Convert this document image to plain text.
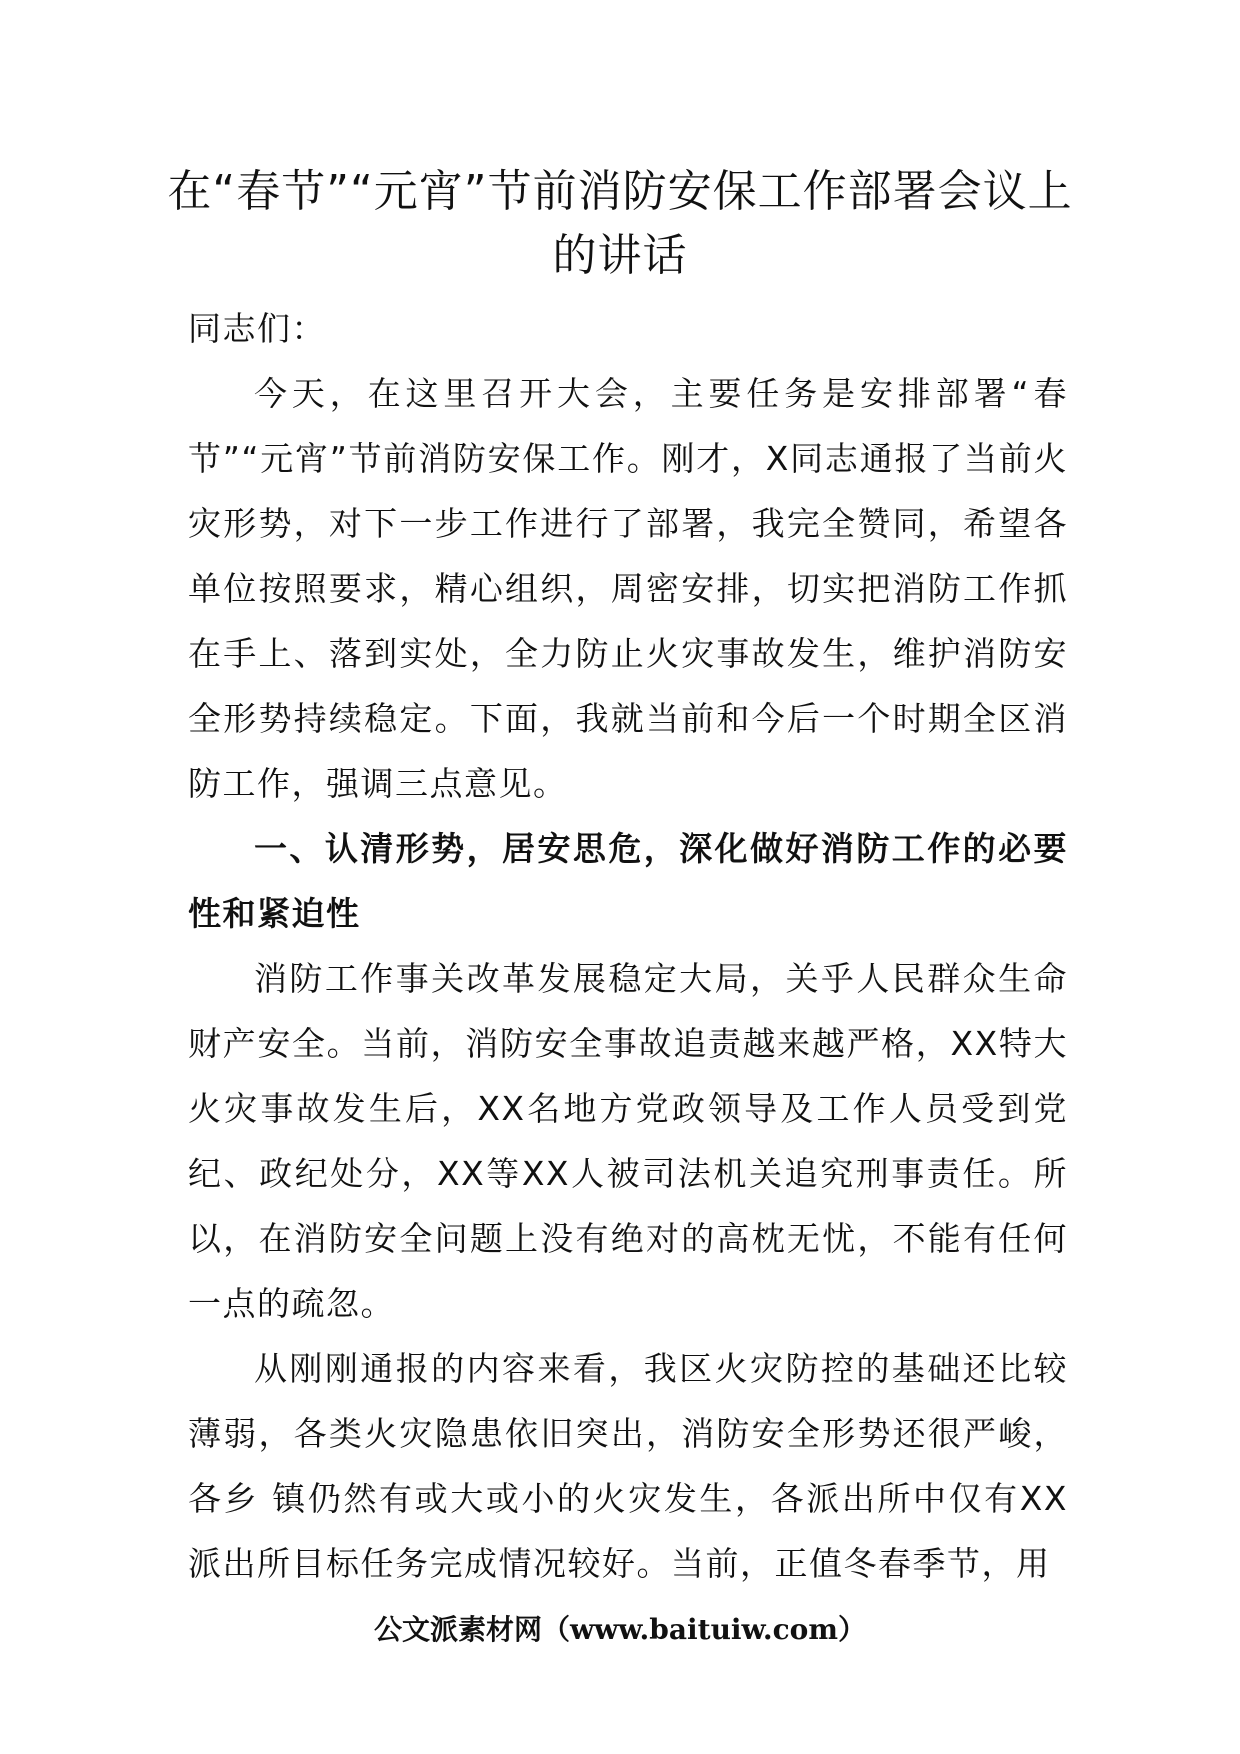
在“春节”“元宵”节前消防安保工作部署会议上的讲话

同志们：

今天，在这里召开大会，主要任务是安排部署“春节”“元宵”节前消防安保工作。刚才，X同志通报了当前火灾形势，对下一步工作进行了部署，我完全赞同，希望各单位按照要求，精心组织，周密安排，切实把消防工作抓在手上、落到实处，全力防止火灾事故发生，维护消防安全形势持续稳定。下面，我就当前和今后一个时期全区消防工作，强调三点意见。

一、认清形势，居安思危，深化做好消防工作的必要性和紧迫性

消防工作事关改革发展稳定大局，关乎人民群众生命财产安全。当前，消防安全事故追责越来越严格，XX特大火灾事故发生后，XX名地方党政领导及工作人员受到党纪、政纪处分，XX等XX人被司法机关追究刑事责任。所以，在消防安全问题上没有绝对的高枕无忧，不能有任何一点的疏忽。

从刚刚通报的内容来看，我区火灾防控的基础还比较薄弱，各类火灾隐患依旧突出，消防安全形势还很严峻，各乡 镇仍然有或大或小的火灾发生，各派出所中仅有XX派出所目标任务完成情况较好。当前，正值冬春季节，用

公文派素材网（www.baituiw.com）
